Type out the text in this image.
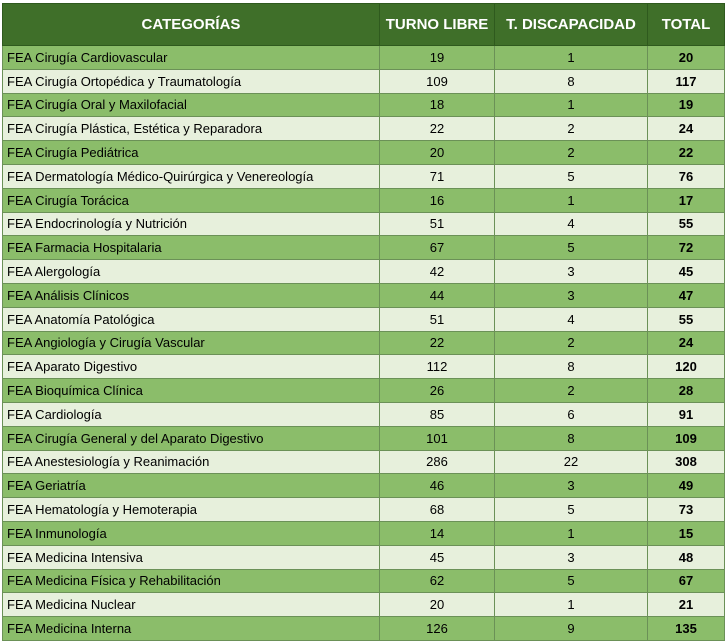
CATEGORÍAS	TURNO LIBRE	T. DISCAPACIDAD	TOTAL
FEA Cirugía Cardiovascular	19	1	20
FEA Cirugía Ortopédica y Traumatología	109	8	117
FEA Cirugía Oral y Maxilofacial	18	1	19
FEA Cirugía Plástica, Estética y Reparadora	22	2	24
FEA Cirugía Pediátrica	20	2	22
FEA Dermatología Médico-Quirúrgica y Venereología	71	5	76
FEA Cirugía Torácica	16	1	17
FEA Endocrinología y Nutrición	51	4	55
FEA Farmacia Hospitalaria	67	5	72
FEA Alergología	42	3	45
FEA Análisis Clínicos	44	3	47
FEA Anatomía Patológica	51	4	55
FEA Angiología y Cirugía Vascular	22	2	24
FEA Aparato Digestivo	112	8	120
FEA Bioquímica Clínica	26	2	28
FEA Cardiología	85	6	91
FEA Cirugía General y del Aparato Digestivo	101	8	109
FEA Anestesiología y Reanimación	286	22	308
FEA Geriatría	46	3	49
FEA Hematología y Hemoterapia	68	5	73
FEA Inmunología	14	1	15
FEA Medicina Intensiva	45	3	48
FEA Medicina Física y Rehabilitación	62	5	67
FEA Medicina Nuclear	20	1	21
FEA Medicina Interna	126	9	135
